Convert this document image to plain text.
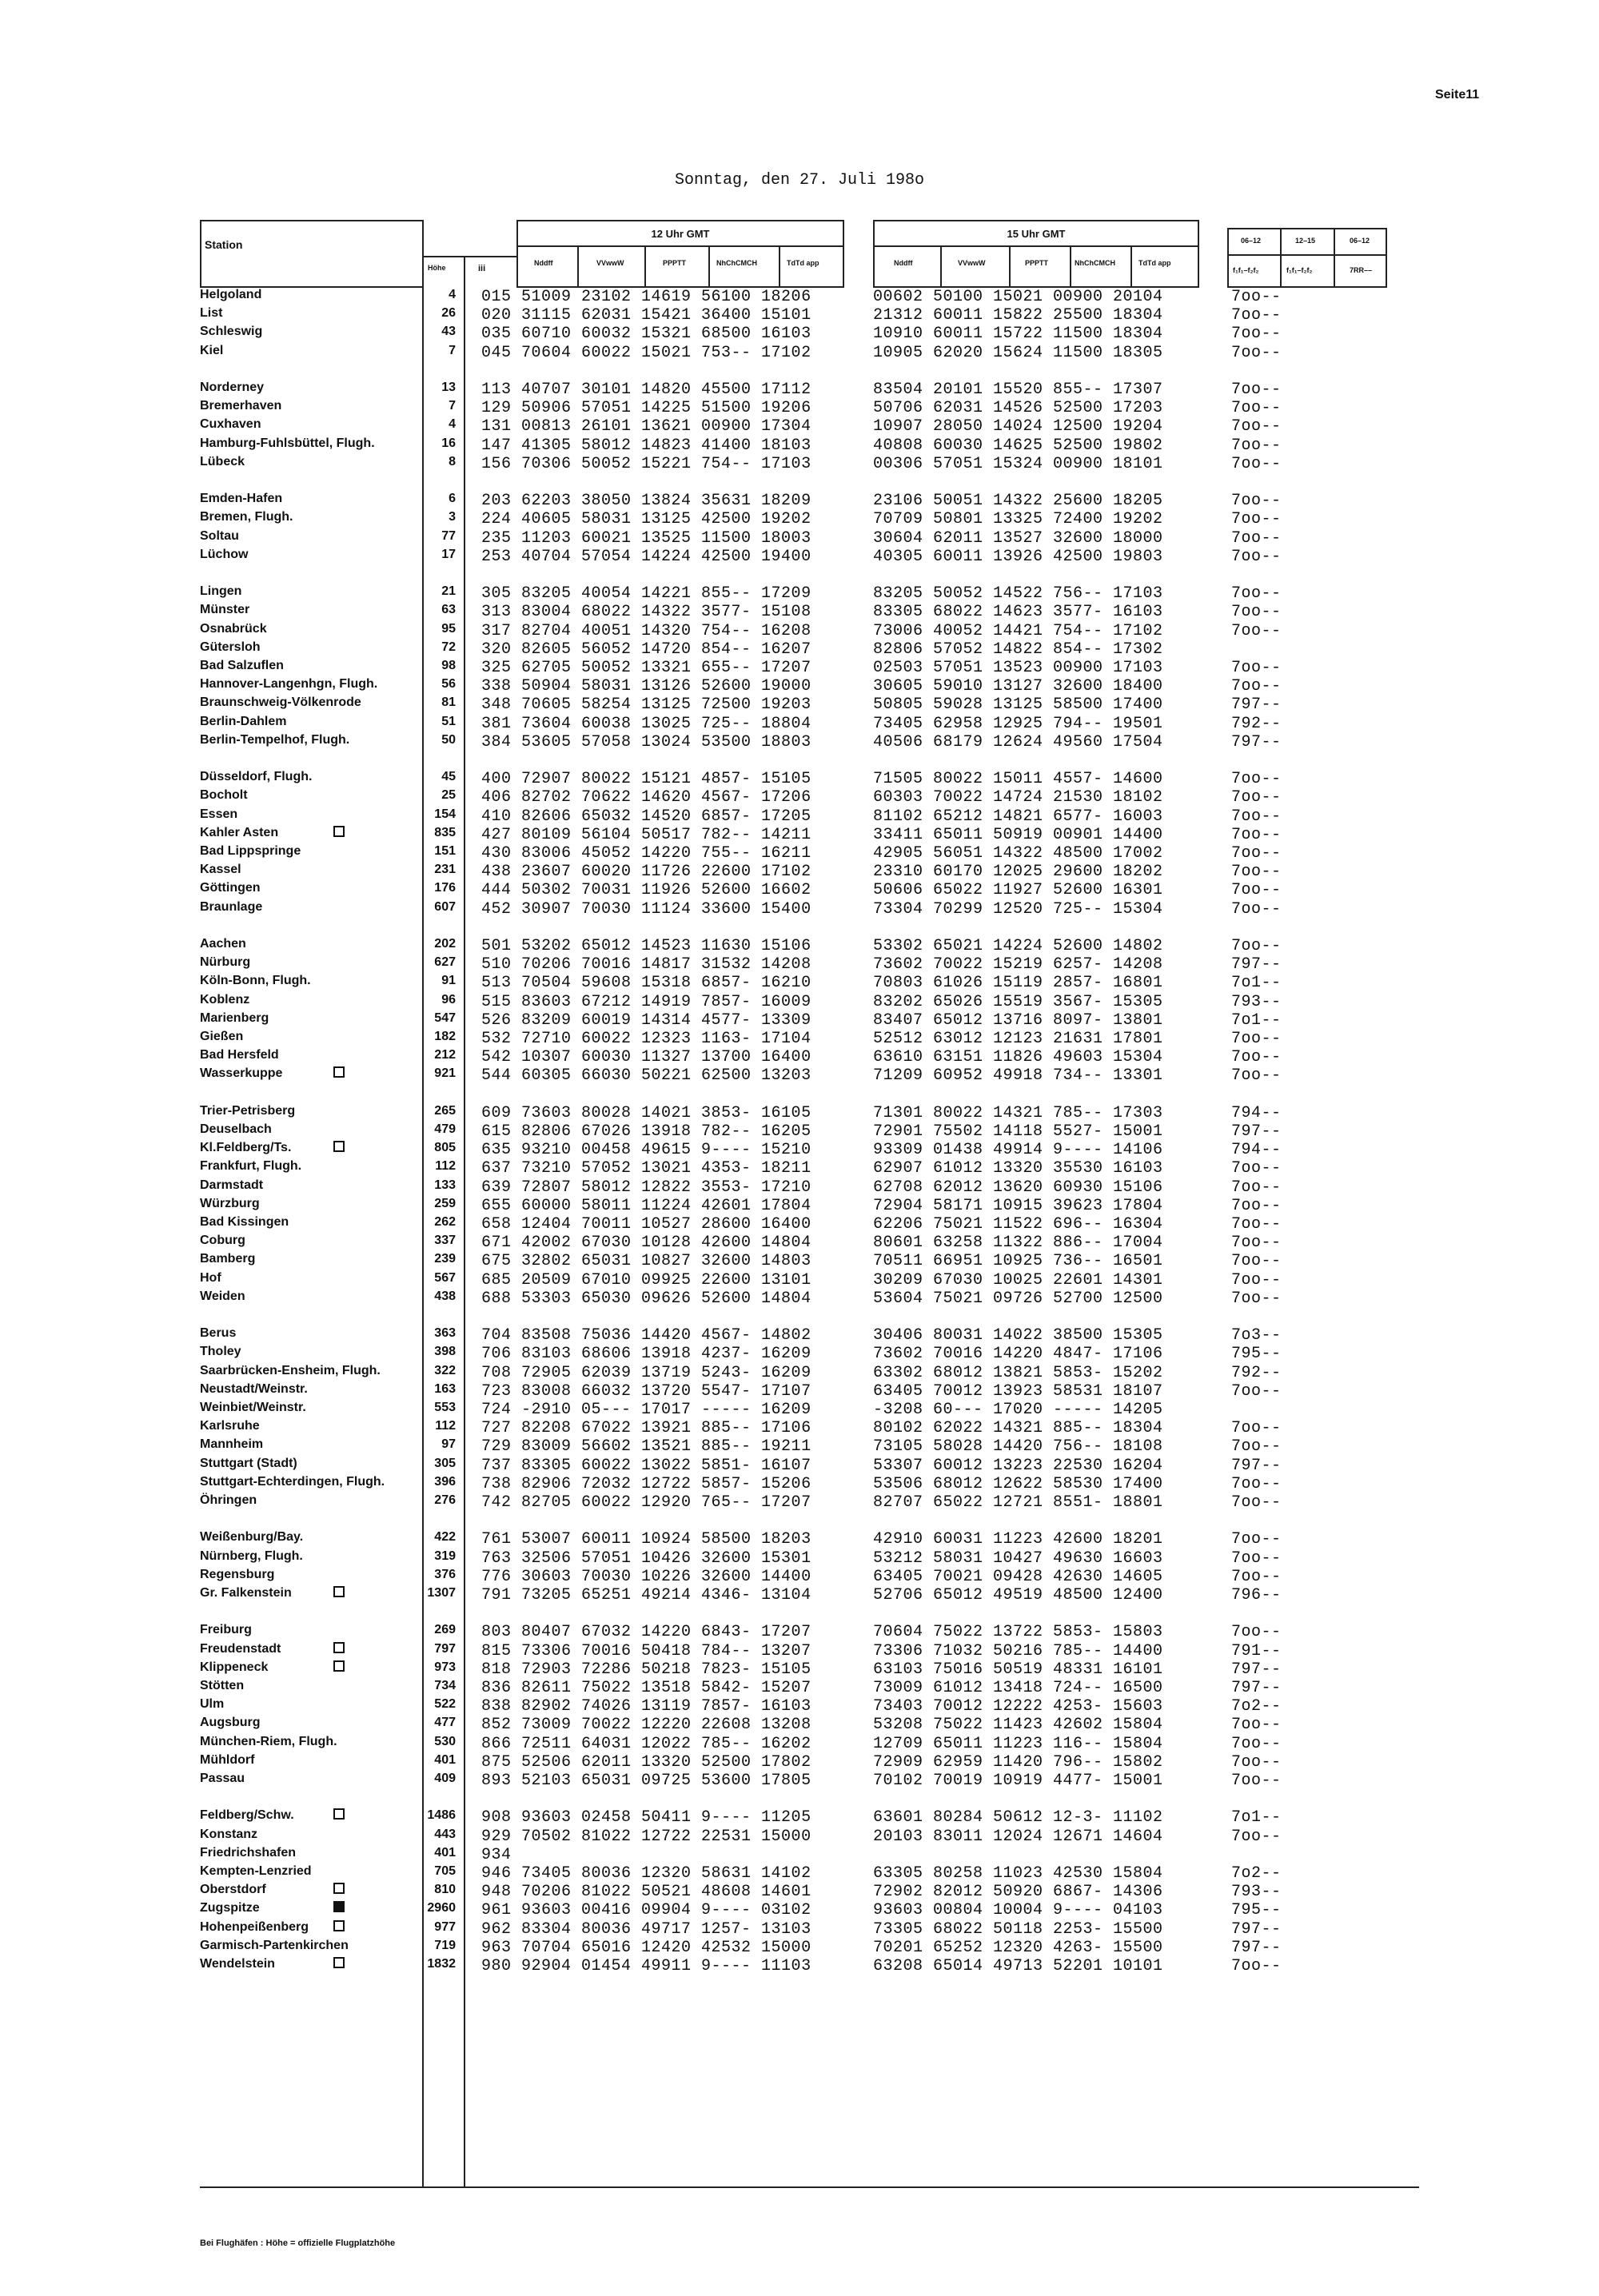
Seite11
Sonntag, den 27. Juli 198o
Station
Höhe	iii
12 Uhr GMT
Nddff	VVwwW	PPPTT	NhChCMCH	TdTd app
15 Uhr GMT
Nddff	VVwwW	PPPTT	NhChCMCH	TdTd app
06–12	12–15	06–12
f₁f₁–f₂f₂	f₁f₁–f₂f₂	7RR––
Helgoland	4 015 51009 23102 14619 56100 18206	00602 50100 15021 00900 20104	7oo--
List	26 020 31115 62031 15421 36400 15101	21312 60011 15822 25500 18304	7oo--
Schleswig	43 035 60710 60032 15321 68500 16103	10910 60011 15722 11500 18304	7oo--
Kiel	7 045 70604 60022 15021 753-- 17102	10905 62020 15624 11500 18305	7oo--
Norderney	13 113 40707 30101 14820 45500 17112	83504 20101 15520 855-- 17307	7oo--
Bremerhaven	7 129 50906 57051 14225 51500 19206	50706 62031 14526 52500 17203	7oo--
Cuxhaven	4 131 00813 26101 13621 00900 17304	10907 28050 14024 12500 19204	7oo--
Hamburg-Fuhlsbüttel, Flugh.	16 147 41305 58012 14823 41400 18103	40808 60030 14625 52500 19802	7oo--
Lübeck	8 156 70306 50052 15221 754-- 17103	00306 57051 15324 00900 18101	7oo--
Emden-Hafen	6 203 62203 38050 13824 35631 18209	23106 50051 14322 25600 18205	7oo--
Bremen, Flugh.	3 224 40605 58031 13125 42500 19202	70709 50801 13325 72400 19202	7oo--
Soltau	77 235 11203 60021 13525 11500 18003	30604 62011 13527 32600 18000	7oo--
Lüchow	17 253 40704 57054 14224 42500 19400	40305 60011 13926 42500 19803	7oo--
Lingen	21 305 83205 40054 14221 855-- 17209	83205 50052 14522 756-- 17103	7oo--
Münster	63 313 83004 68022 14322 3577- 15108	83305 68022 14623 3577- 16103	7oo--
Osnabrück	95 317 82704 40051 14320 754-- 16208	73006 40052 14421 754-- 17102	7oo--
Gütersloh	72 320 82605 56052 14720 854-- 16207	82806 57052 14822 854-- 17302
Bad Salzuflen	98 325 62705 50052 13321 655-- 17207	02503 57051 13523 00900 17103	7oo--
Hannover-Langenhgn, Flugh.	56 338 50904 58031 13126 52600 19000	30605 59010 13127 32600 18400	7oo--
Braunschweig-Völkenrode	81 348 70605 58254 13125 72500 19203	50805 59028 13125 58500 17400	797--
Berlin-Dahlem	51 381 73604 60038 13025 725-- 18804	73405 62958 12925 794-- 19501	792--
Berlin-Tempelhof, Flugh.	50 384 53605 57058 13024 53500 18803	40506 68179 12624 49560 17504	797--
Düsseldorf, Flugh.	45 400 72907 80022 15121 4857- 15105	71505 80022 15011 4557- 14600	7oo--
Bocholt	25 406 82702 70622 14620 4567- 17206	60303 70022 14724 21530 18102	7oo--
Essen	154 410 82606 65032 14520 6857- 17205	81102 65212 14821 6577- 16003	7oo--
Kahler Asten	835 427 80109 56104 50517 782-- 14211	33411 65011 50919 00901 14400	7oo--
Bad Lippspringe	151 430 83006 45052 14220 755-- 16211	42905 56051 14322 48500 17002	7oo--
Kassel	231 438 23607 60020 11726 22600 17102	23310 60170 12025 29600 18202	7oo--
Göttingen	176 444 50302 70031 11926 52600 16602	50606 65022 11927 52600 16301	7oo--
Braunlage	607 452 30907 70030 11124 33600 15400	73304 70299 12520 725-- 15304	7oo--
Aachen	202 501 53202 65012 14523 11630 15106	53302 65021 14224 52600 14802	7oo--
Nürburg	627 510 70206 70016 14817 31532 14208	73602 70022 15219 6257- 14208	797--
Köln-Bonn, Flugh.	91 513 70504 59608 15318 6857- 16210	70803 61026 15119 2857- 16801	7o1--
Koblenz	96 515 83603 67212 14919 7857- 16009	83202 65026 15519 3567- 15305	793--
Marienberg	547 526 83209 60019 14314 4577- 13309	83407 65012 13716 8097- 13801	7o1--
Gießen	182 532 72710 60022 12323 1163- 17104	52512 63012 12123 21631 17801	7oo--
Bad Hersfeld	212 542 10307 60030 11327 13700 16400	63610 63151 11826 49603 15304	7oo--
Wasserkuppe	921 544 60305 66030 50221 62500 13203	71209 60952 49918 734-- 13301	7oo--
Trier-Petrisberg	265 609 73603 80028 14021 3853- 16105	71301 80022 14321 785-- 17303	794--
Deuselbach	479 615 82806 67026 13918 782-- 16205	72901 75502 14118 5527- 15001	797--
Kl.Feldberg/Ts.	805 635 93210 00458 49615 9---- 15210	93309 01438 49914 9---- 14106	794--
Frankfurt, Flugh.	112 637 73210 57052 13021 4353- 18211	62907 61012 13320 35530 16103	7oo--
Darmstadt	133 639 72807 58012 12822 3553- 17210	62708 62012 13620 60930 15106	7oo--
Würzburg	259 655 60000 58011 11224 42601 17804	72904 58171 10915 39623 17804	7oo--
Bad Kissingen	262 658 12404 70011 10527 28600 16400	62206 75021 11522 696-- 16304	7oo--
Coburg	337 671 42002 67030 10128 42600 14804	80601 63258 11322 886-- 17004	7oo--
Bamberg	239 675 32802 65031 10827 32600 14803	70511 66951 10925 736-- 16501	7oo--
Hof	567 685 20509 67010 09925 22600 13101	30209 67030 10025 22601 14301	7oo--
Weiden	438 688 53303 65030 09626 52600 14804	53604 75021 09726 52700 12500	7oo--
Berus	363 704 83508 75036 14420 4567- 14802	30406 80031 14022 38500 15305	7o3--
Tholey	398 706 83103 68606 13918 4237- 16209	73602 70016 14220 4847- 17106	795--
Saarbrücken-Ensheim, Flugh.	322 708 72905 62039 13719 5243- 16209	63302 68012 13821 5853- 15202	792--
Neustadt/Weinstr.	163 723 83008 66032 13720 5547- 17107	63405 70012 13923 58531 18107	7oo--
Weinbiet/Weinstr.	553 724 -2910 05--- 17017 ----- 16209	-3208 60--- 17020 ----- 14205
Karlsruhe	112 727 82208 67022 13921 885-- 17106	80102 62022 14321 885-- 18304	7oo--
Mannheim	97 729 83009 56602 13521 885-- 19211	73105 58028 14420 756-- 18108	7oo--
Stuttgart (Stadt)	305 737 83305 60022 13022 5851- 16107	53307 60012 13223 22530 16204	797--
Stuttgart-Echterdingen, Flugh.	396 738 82906 72032 12722 5857- 15206	53506 68012 12622 58530 17400	7oo--
Öhringen	276 742 82705 60022 12920 765-- 17207	82707 65022 12721 8551- 18801	7oo--
Weißenburg/Bay.	422 761 53007 60011 10924 58500 18203	42910 60031 11223 42600 18201	7oo--
Nürnberg, Flugh.	319 763 32506 57051 10426 32600 15301	53212 58031 10427 49630 16603	7oo--
Regensburg	376 776 30603 70030 10226 32600 14400	63405 70021 09428 42630 14605	7oo--
Gr. Falkenstein	1307 791 73205 65251 49214 4346- 13104	52706 65012 49519 48500 12400	796--
Freiburg	269 803 80407 67032 14220 6843- 17207	70604 75022 13722 5853- 15803	7oo--
Freudenstadt	797 815 73306 70016 50418 784-- 13207	73306 71032 50216 785-- 14400	791--
Klippeneck	973 818 72903 72286 50218 7823- 15105	63103 75016 50519 48331 16101	797--
Stötten	734 836 82611 75022 13518 5842- 15207	73009 61012 13418 724-- 16500	797--
Ulm	522 838 82902 74026 13119 7857- 16103	73403 70012 12222 4253- 15603	7o2--
Augsburg	477 852 73009 70022 12220 22608 13208	53208 75022 11423 42602 15804	7oo--
München-Riem, Flugh.	530 866 72511 64031 12022 785-- 16202	12709 65011 11223 116-- 15804	7oo--
Mühldorf	401 875 52506 62011 13320 52500 17802	72909 62959 11420 796-- 15802	7oo--
Passau	409 893 52103 65031 09725 53600 17805	70102 70019 10919 4477- 15001	7oo--
Feldberg/Schw.	1486 908 93603 02458 50411 9---- 11205	63601 80284 50612 12-3- 11102	7o1--
Konstanz	443 929 70502 81022 12722 22531 15000	20103 83011 12024 12671 14604	7oo--
Friedrichshafen	401 934
Kempten-Lenzried	705 946 73405 80036 12320 58631 14102	63305 80258 11023 42530 15804	7o2--
Oberstdorf	810 948 70206 81022 50521 48608 14601	72902 82012 50920 6867- 14306	793--
Zugspitze	2960 961 93603 00416 09904 9---- 03102	93603 00804 10004 9---- 04103	795--
Hohenpeißenberg	977 962 83304 80036 49717 1257- 13103	73305 68022 50118 2253- 15500	797--
Garmisch-Partenkirchen	719 963 70704 65016 12420 42532 15000	70201 65252 12320 4263- 15500	797--
Wendelstein	1832 980 92904 01454 49911 9---- 11103	63208 65014 49713 52201 10101	7oo--
Bei Flughäfen : Höhe = offizielle Flugplatzhöhe
